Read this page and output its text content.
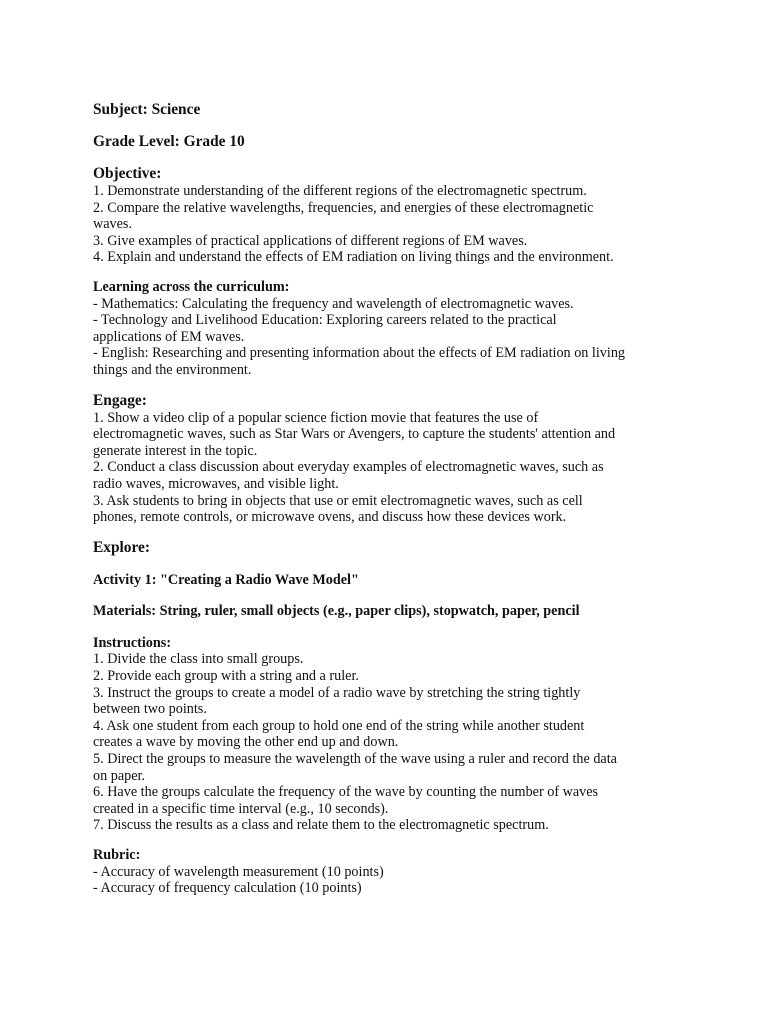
Subject: Science
Grade Level: Grade 10
Objective:
1. Demonstrate understanding of the different regions of the electromagnetic spectrum.
2. Compare the relative wavelengths, frequencies, and energies of these electromagnetic
waves.
3. Give examples of practical applications of different regions of EM waves.
4. Explain and understand the effects of EM radiation on living things and the environment.
Learning across the curriculum:
- Mathematics: Calculating the frequency and wavelength of electromagnetic waves.
- Technology and Livelihood Education: Exploring careers related to the practical
applications of EM waves.
- English: Researching and presenting information about the effects of EM radiation on living
things and the environment.
Engage:
1. Show a video clip of a popular science fiction movie that features the use of
electromagnetic waves, such as Star Wars or Avengers, to capture the students' attention and
generate interest in the topic.
2. Conduct a class discussion about everyday examples of electromagnetic waves, such as
radio waves, microwaves, and visible light.
3. Ask students to bring in objects that use or emit electromagnetic waves, such as cell
phones, remote controls, or microwave ovens, and discuss how these devices work.
Explore:
Activity 1: "Creating a Radio Wave Model"
Materials: String, ruler, small objects (e.g., paper clips), stopwatch, paper, pencil
Instructions:
1. Divide the class into small groups.
2. Provide each group with a string and a ruler.
3. Instruct the groups to create a model of a radio wave by stretching the string tightly
between two points.
4. Ask one student from each group to hold one end of the string while another student
creates a wave by moving the other end up and down.
5. Direct the groups to measure the wavelength of the wave using a ruler and record the data
on paper.
6. Have the groups calculate the frequency of the wave by counting the number of waves
created in a specific time interval (e.g., 10 seconds).
7. Discuss the results as a class and relate them to the electromagnetic spectrum.
Rubric:
- Accuracy of wavelength measurement (10 points)
- Accuracy of frequency calculation (10 points)
